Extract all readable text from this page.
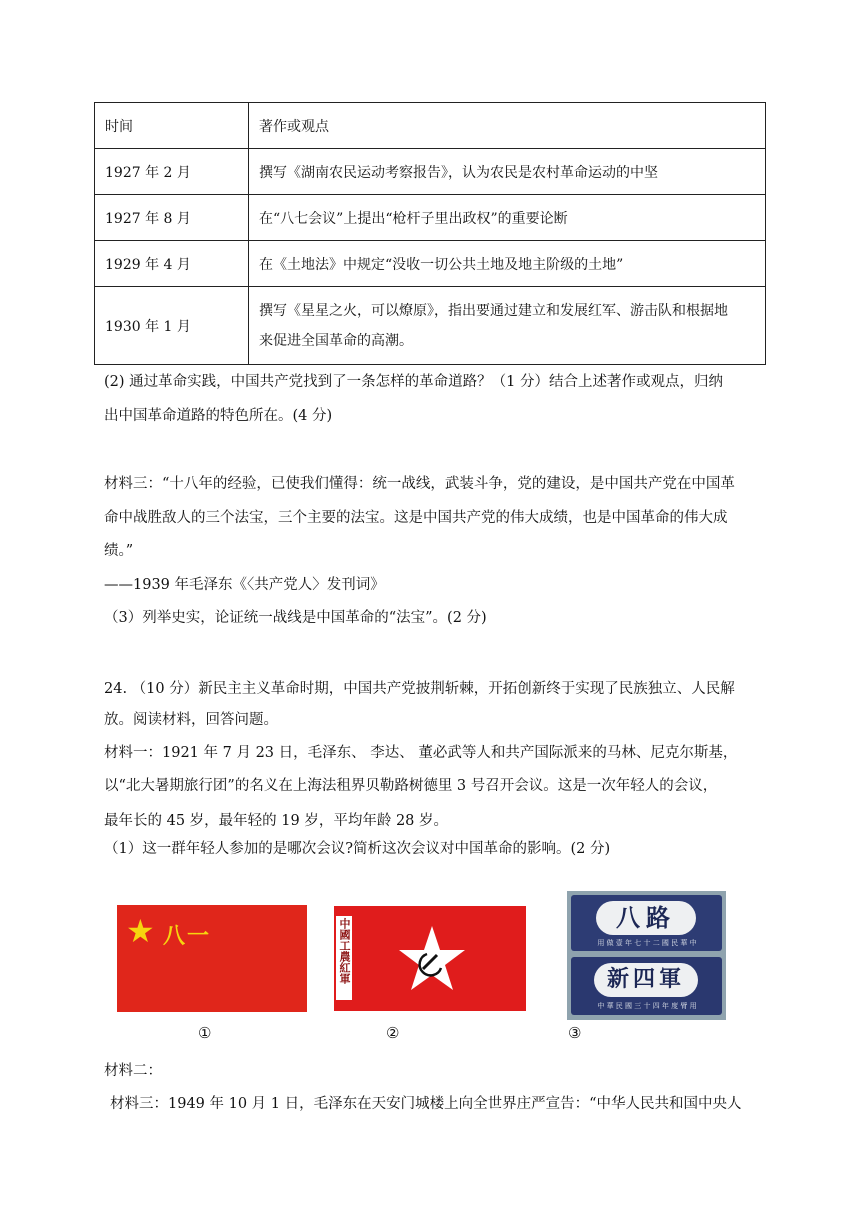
时间	著作或观点
1927 年 2 月	撰写《湖南农民运动考察报告》，认为农民是农村革命运动的中坚
1927 年 8 月	在“八七会议”上提出“枪杆子里出政权”的重要论断
1929 年 4 月	在《土地法》中规定“没收一切公共土地及地主阶级的土地”
1930 年 1 月	撰写《星星之火，可以燎原》，指出要通过建立和发展红军、游击队和根据地
来促进全国革命的高潮。
(2) 通过革命实践，中国共产党找到了一条怎样的革命道路？（1 分）结合上述著作或观点，归纳
出中国革命道路的特色所在。(4 分)
材料三：“十八年的经验，已使我们懂得：统一战线，武装斗争，党的建设，是中国共产党在中国革
命中战胜敌人的三个法宝，三个主要的法宝。这是中国共产党的伟大成绩，也是中国革命的伟大成
绩。”
——1939 年毛泽东《〈共产党人〉发刊词》
（3）列举史实，论证统一战线是中国革命的“法宝”。(2 分)
24. （10 分）新民主主义革命时期，中国共产党披荆斩棘，开拓创新终于实现了民族独立、人民解
放。阅读材料，回答问题。
材料一：1921 年 7 月 23 日，毛泽东、 李达、 董必武等人和共产国际派来的马林、尼克尔斯基，
以“北大暑期旅行团”的名义在上海法租界贝勒路树德里 3 号召开会议。这是一次年轻人的会议，
最年长的 45 岁，最年轻的 19 岁，平均年龄 28 岁。
（1）这一群年轻人参加的是哪次会议?简析这次会议对中国革命的影响。(2 分)
★ 八一	中國工農紅軍	八路
用 做 壹 年 七 十 二 國 民 華 中
新四軍
中 華 民 國 三 十 四 年 度 臂 用
①	②	③
材料二：
材料三：1949 年 10 月 1 日，毛泽东在天安门城楼上向全世界庄严宣告：“中华人民共和国中央人
